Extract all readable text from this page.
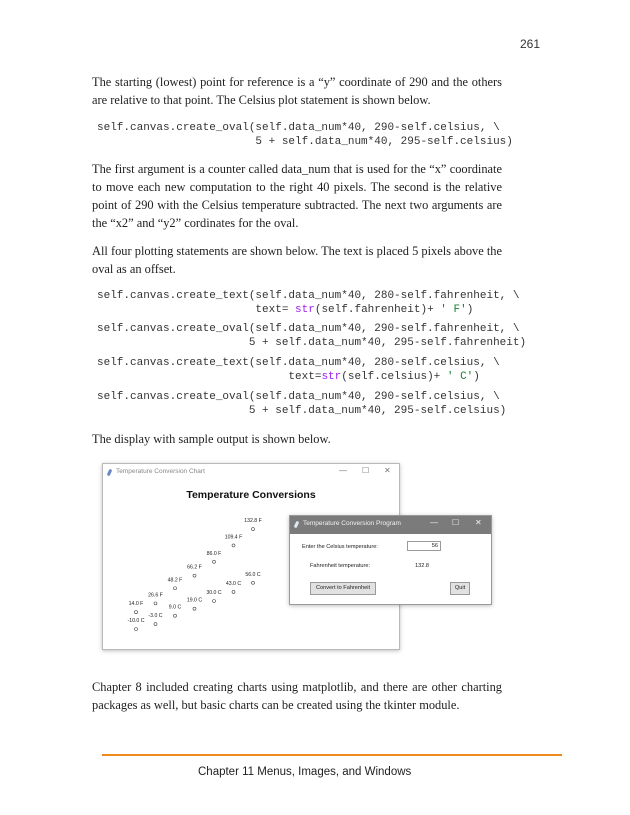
261

The starting (lowest) point for reference is a “y” coordinate of 290 and the others are relative to that point. The Celsius plot statement is shown below.

self.canvas.create_oval(self.data_num*40, 290-self.celsius, \
5 + self.data_num*40, 295-self.celsius)

The first argument is a counter called data_num that is used for the “x” coordinate to move each new computation to the right 40 pixels. The second is the relative point of 290 with the Celsius temperature subtracted. The next two arguments are the “x2” and “y2” cordinates for the oval.

All four plotting statements are shown below. The text is placed 5 pixels above the oval as an offset.

self.canvas.create_text(self.data_num*40, 280-self.fahrenheit, \
text= str(self.fahrenheit)+ ' F')
self.canvas.create_oval(self.data_num*40, 290-self.fahrenheit, \
5 + self.data_num*40, 295-self.fahrenheit)
self.canvas.create_text(self.data_num*40, 280-self.celsius, \
text=str(self.celsius)+ ' C')
self.canvas.create_oval(self.data_num*40, 290-self.celsius, \
5 + self.data_num*40, 295-self.celsius)

The display with sample output is shown below.

Temperature Conversion Chart	— ☐ ✕
Temperature Conversions
14.0 F
26.6 F
48.2 F
66.2 F
86.0 F
109.4 F
132.8 F
-10.0 C
-3.0 C
9.0 C
19.0 C
30.0 C
43.0 C
56.0 C
Temperature Conversion Program	— ☐ ✕
Enter the Celsius temperature:	56
Fahrenheit temperature:	132.8
Convert to Fahrenheit	Quit

Chapter 8 included creating charts using matplotlib, and there are other charting packages as well, but basic charts can be created using the tkinter module.

Chapter 11 Menus, Images, and Windows
